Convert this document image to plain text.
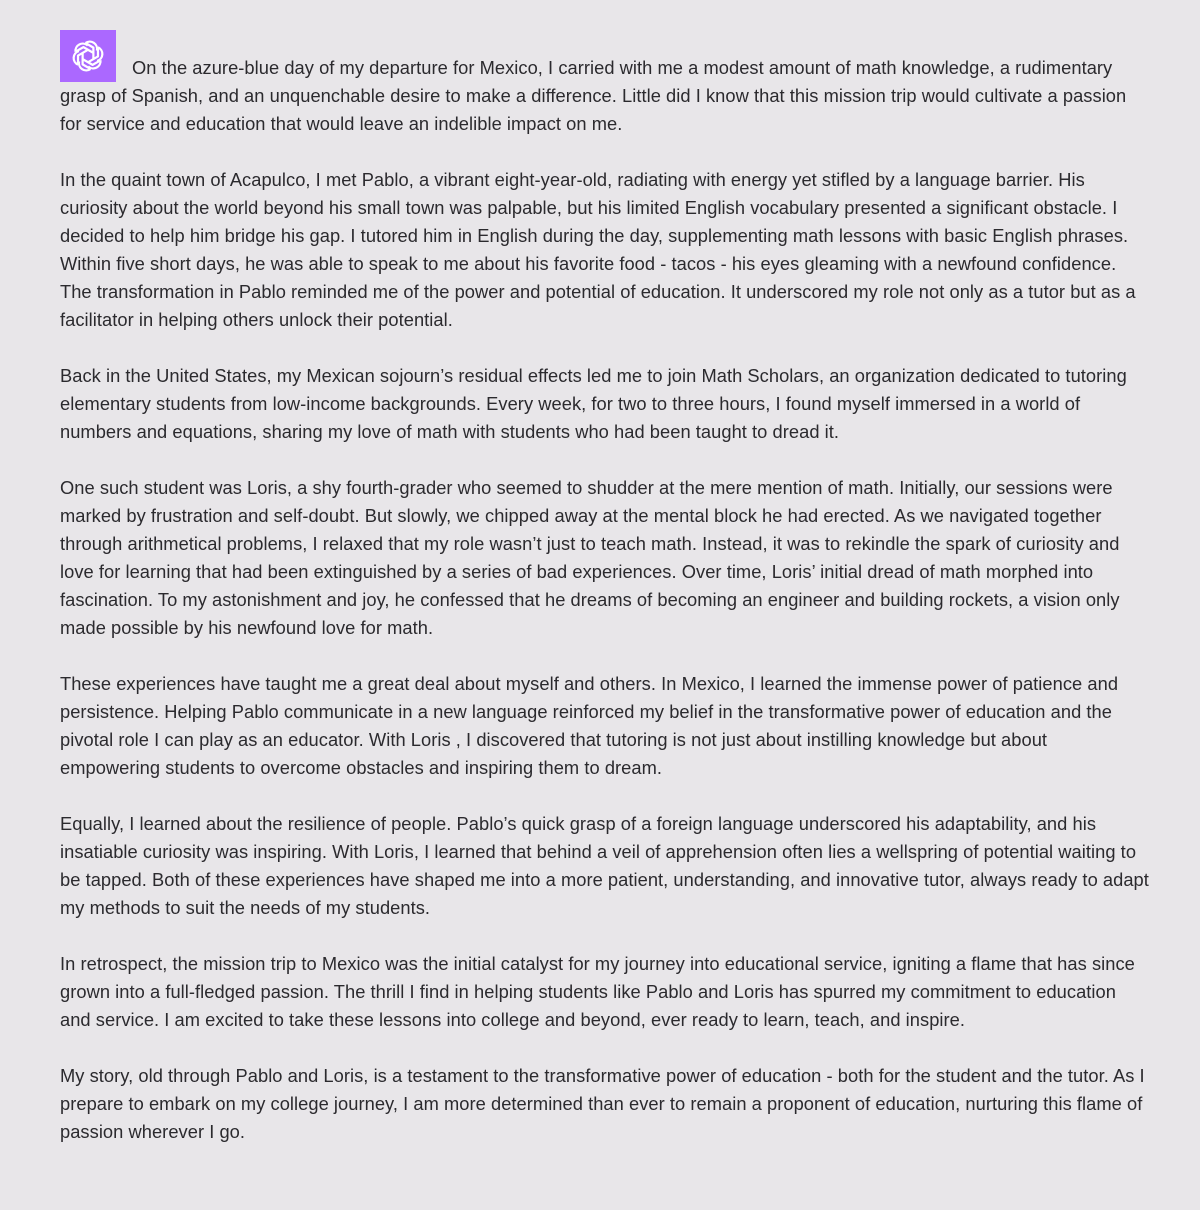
On the azure-blue day of my departure for Mexico, I carried with me a modest amount of math knowledge, a rudimentary grasp of Spanish, and an unquenchable desire to make a difference. Little did I know that this mission trip would cultivate a passion for service and education that would leave an indelible impact on me.

In the quaint town of Acapulco, I met Pablo, a vibrant eight-year-old, radiating with energy yet stifled by a language barrier. His curiosity about the world beyond his small town was palpable, but his limited English vocabulary presented a significant obstacle. I decided to help him bridge his gap. I tutored him in English during the day, supplementing math lessons with basic English phrases. Within five short days, he was able to speak to me about his favorite food - tacos - his eyes gleaming with a newfound confidence. The transformation in Pablo reminded me of the power and potential of education. It underscored my role not only as a tutor but as a facilitator in helping others unlock their potential.

Back in the United States, my Mexican sojourn’s residual effects led me to join Math Scholars, an organization dedicated to tutoring elementary students from low-income backgrounds. Every week, for two to three hours, I found myself immersed in a world of numbers and equations, sharing my love of math with students who had been taught to dread it.

One such student was Loris, a shy fourth-grader who seemed to shudder at the mere mention of math. Initially, our sessions were marked by frustration and self-doubt. But slowly, we chipped away at the mental block he had erected. As we navigated together through arithmetical problems, I relaxed that my role wasn’t just to teach math. Instead, it was to rekindle the spark of curiosity and love for learning that had been extinguished by a series of bad experiences. Over time, Loris’ initial dread of math morphed into fascination. To my astonishment and joy, he confessed that he dreams of becoming an engineer and building rockets, a vision only made possible by his newfound love for math.

These experiences have taught me a great deal about myself and others. In Mexico, I learned the immense power of patience and persistence. Helping Pablo communicate in a new language reinforced my belief in the transformative power of education and the pivotal role I can play as an educator. With Loris , I discovered that tutoring is not just about instilling knowledge but about empowering students to overcome obstacles and inspiring them to dream.

Equally, I learned about the resilience of people. Pablo’s quick grasp of a foreign language underscored his adaptability, and his insatiable curiosity was inspiring. With Loris, I learned that behind a veil of apprehension often lies a wellspring of potential waiting to be tapped. Both of these experiences have shaped me into a more patient, understanding, and innovative tutor, always ready to adapt my methods to suit the needs of my students.

In retrospect, the mission trip to Mexico was the initial catalyst for my journey into educational service, igniting a flame that has since grown into a full-fledged passion. The thrill I find in helping students like Pablo and Loris has spurred my commitment to education and service. I am excited to take these lessons into college and beyond, ever ready to learn, teach, and inspire.

My story, old through Pablo and Loris, is a testament to the transformative power of education - both for the student and the tutor. As I prepare to embark on my college journey, I am more determined than ever to remain a proponent of education, nurturing this flame of passion wherever I go.
